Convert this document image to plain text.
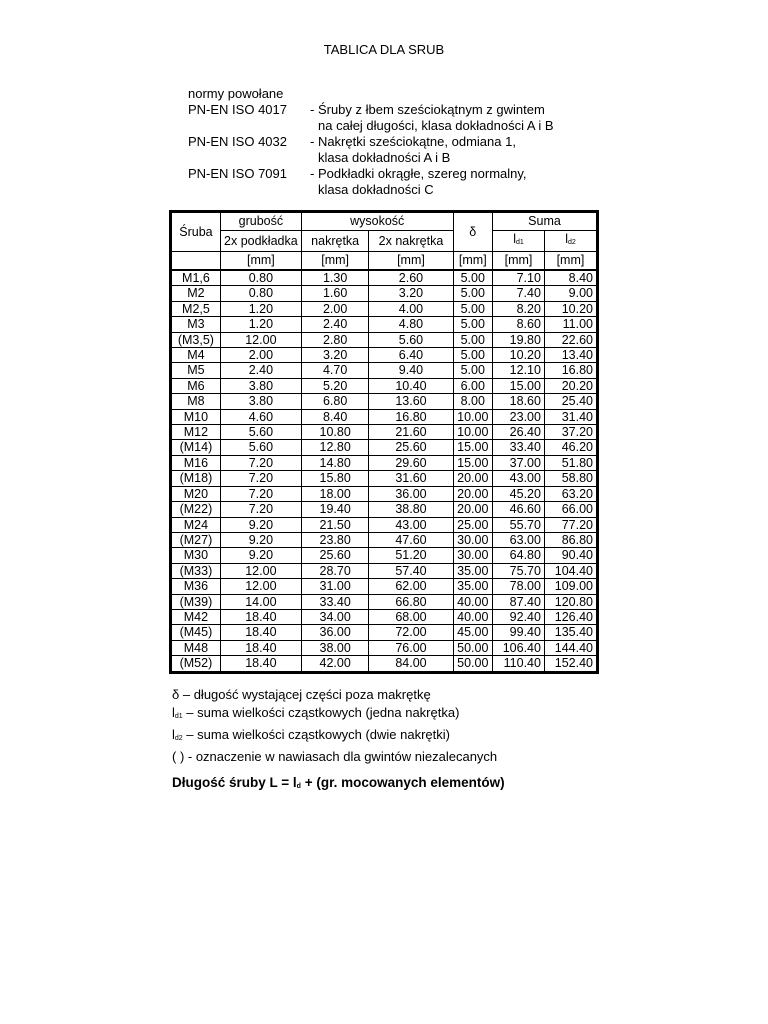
TABLICA DLA SRUB
normy powołane
PN-EN ISO 4017	- Śruby z łbem sześciokątnym z gwintem
na całej długości, klasa dokładności A i B
PN-EN ISO 4032	- Nakrętki sześciokątne, odmiana 1,
klasa dokładności A i B
PN-EN ISO 7091	- Podkładki okrągłe, szereg normalny,
klasa dokładności C
Śruba	grubość	wysokość		δ	Suma	
	2x podkładka	nakrętka	2x nakrętka		$l_{d1}$	$l_{d2}$
	[mm]	[mm]	[mm]	[mm]	[mm]	[mm]
M1,6	0.80	1.30	2.60	5.00	7.10	8.40
M2	0.80	1.60	3.20	5.00	7.40	9.00
M2,5	1.20	2.00	4.00	5.00	8.20	10.20
M3	1.20	2.40	4.80	5.00	8.60	11.00
(M3,5)	12.00	2.80	5.60	5.00	19.80	22.60
M4	2.00	3.20	6.40	5.00	10.20	13.40
M5	2.40	4.70	9.40	5.00	12.10	16.80
M6	3.80	5.20	10.40	6.00	15.00	20.20
M8	3.80	6.80	13.60	8.00	18.60	25.40
M10	4.60	8.40	16.80	10.00	23.00	31.40
M12	5.60	10.80	21.60	10.00	26.40	37.20
(M14)	5.60	12.80	25.60	15.00	33.40	46.20
M16	7.20	14.80	29.60	15.00	37.00	51.80
(M18)	7.20	15.80	31.60	20.00	43.00	58.80
M20	7.20	18.00	36.00	20.00	45.20	63.20
(M22)	7.20	19.40	38.80	20.00	46.60	66.00
M24	9.20	21.50	43.00	25.00	55.70	77.20
(M27)	9.20	23.80	47.60	30.00	63.00	86.80
M30	9.20	25.60	51.20	30.00	64.80	90.40
(M33)	12.00	28.70	57.40	35.00	75.70	104.40
M36	12.00	31.00	62.00	35.00	78.00	109.00
(M39)	14.00	33.40	66.80	40.00	87.40	120.80
M42	18.40	34.00	68.00	40.00	92.40	126.40
(M45)	18.40	36.00	72.00	45.00	99.40	135.40
M48	18.40	38.00	76.00	50.00	106.40	144.40
(M52)	18.40	42.00	84.00	50.00	110.40	152.40
δ – długość wystającej części poza makrętkę
$l_{d1}$ – suma wielkości cząstkowych (jedna nakrętka)
$l_{d2}$ – suma wielkości cząstkowych (dwie nakrętki)
( ) - oznaczenie w nawiasach dla gwintów niezalecanych
Długość śruby $L = l_d + (gr$. mocowanych elementów)
